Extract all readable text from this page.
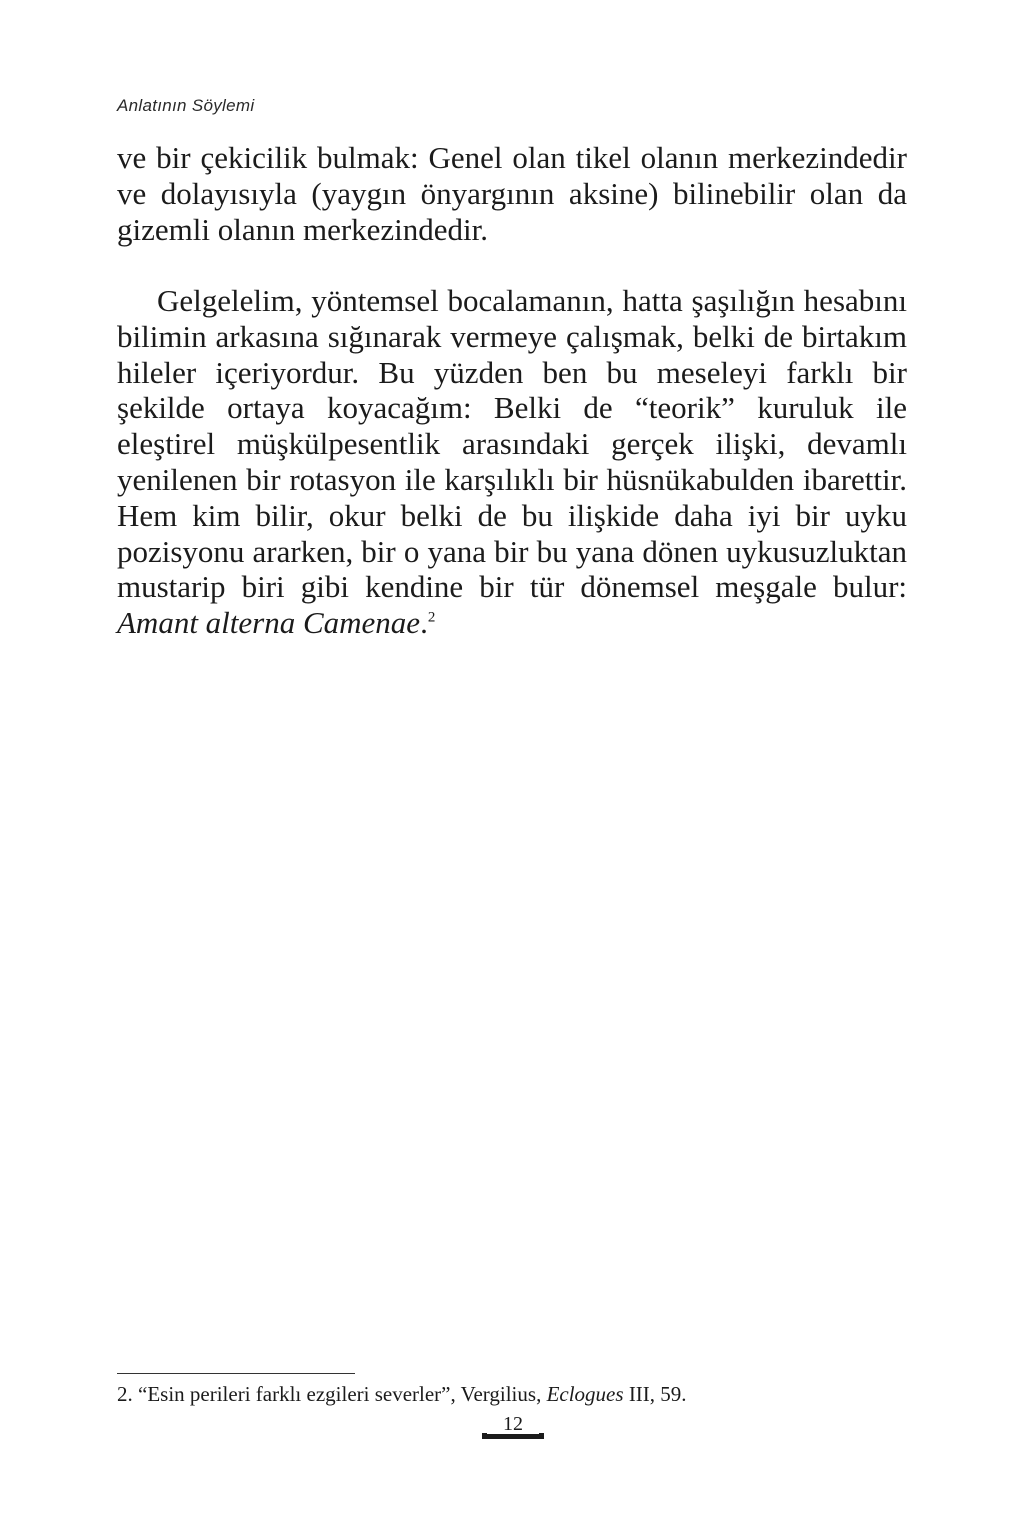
Anlatının Söylemi

ve bir çekicilik bulmak: Genel olan tikel olanın merkezindedir ve dolayısıyla (yaygın önyargının aksine) bilinebilir olan da gizemli olanın merkezindedir.

Gelgelelim, yöntemsel bocalamanın, hatta şaşılığın hesabını bilimin arkasına sığınarak vermeye çalışmak, belki de birtakım hileler içeriyordur. Bu yüzden ben bu meseleyi farklı bir şekilde ortaya koyacağım: Belki de “teorik” kuruluk ile eleştirel müşkülpesentlik arasındaki gerçek ilişki, devamlı yenilenen bir rotasyon ile karşılıklı bir hüsnükabulden ibarettir. Hem kim bilir, okur belki de bu ilişkide daha iyi bir uyku pozisyonu ararken, bir o yana bir bu yana dönen uykusuzluktan mustarip biri gibi kendine bir tür dönemsel meşgale bulur: Amant alterna Camenae.$^2$

2. “Esin perileri farklı ezgileri severler”, Vergilius, Eclogues III, 59.
12
